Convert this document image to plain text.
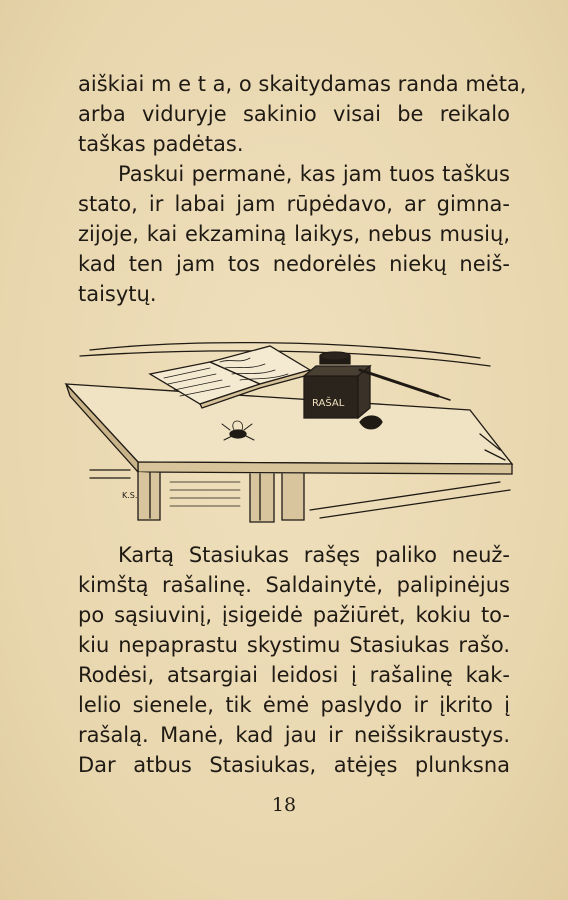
aiškiai m e t a, o skaitydamas randa mėta,
arba viduryje sakinio visai be reikalo
taškas padėtas.
Paskui permanė, kas jam tuos taškus
stato, ir labai jam rūpėdavo, ar gimna-
zijoje, kai ekzaminą laikys, nebus musių,
kad ten jam tos nedorėlės niekų neiš-
taisytų.
RAŠAL
K.S.
Kartą Stasiukas rašęs paliko neuž-
kimštą rašalinę. Saldainytė, palipinėjus
po sąsiuvinį, įsigeidė pažiūrėt, kokiu to-
kiu nepaprastu skystimu Stasiukas rašo.
Rodėsi, atsargiai leidosi į rašalinę kak-
lelio sienele, tik ėmė paslydo ir įkrito į
rašalą. Manė, kad jau ir neišsikraustys.
Dar atbus Stasiukas, atėjęs plunksna
18
